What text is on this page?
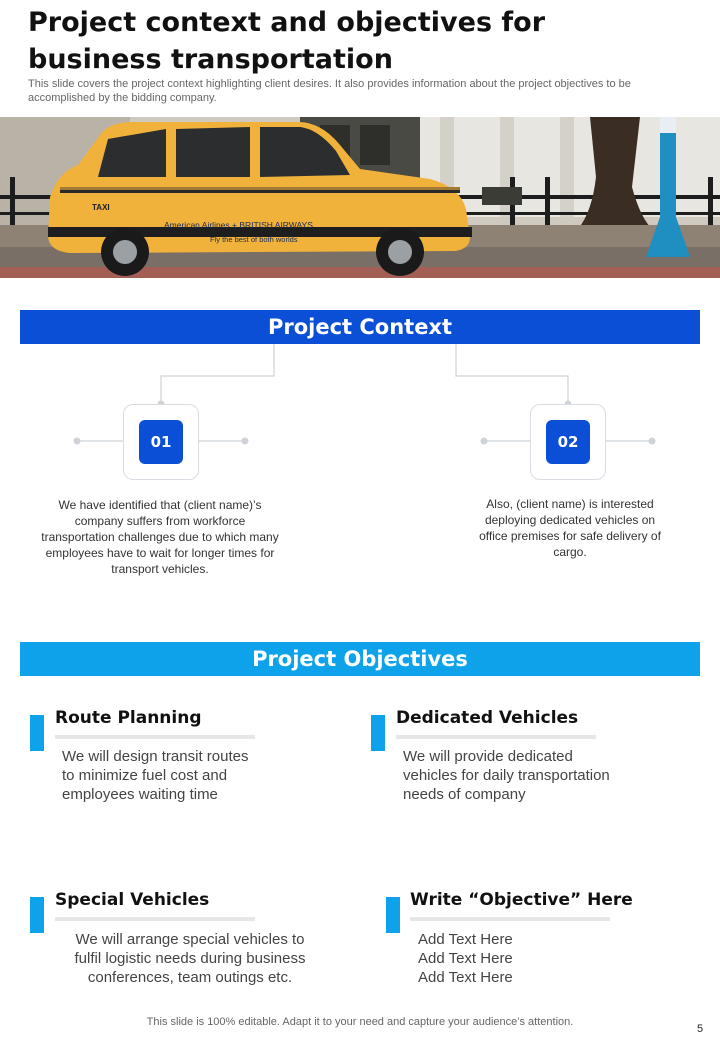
Project context and objectives for
business transportation
This slide covers the project context highlighting client desires. It also provides information about the project objectives to be accomplished by the bidding company.
TAXI
American Airlines + BRITISH AIRWAYS
Fly the best of both worlds
Project Context
01	02
We have identified that (client name)’s company suffers from workforce transportation challenges due to which many employees have to wait for longer times for transport vehicles.
Also, (client name) is interested deploying dedicated vehicles on office premises for safe delivery of cargo.
Project Objectives
Route Planning
We will design transit routes
to minimize fuel cost and
employees waiting time
Dedicated Vehicles
We will provide dedicated
vehicles for daily transportation
needs of company
Special Vehicles
We will arrange special vehicles to
fulfil logistic needs during business
conferences, team outings etc.
Write “Objective” Here
Add Text Here
Add Text Here
Add Text Here
This slide is 100% editable. Adapt it to your need and capture your audience’s attention.
5
